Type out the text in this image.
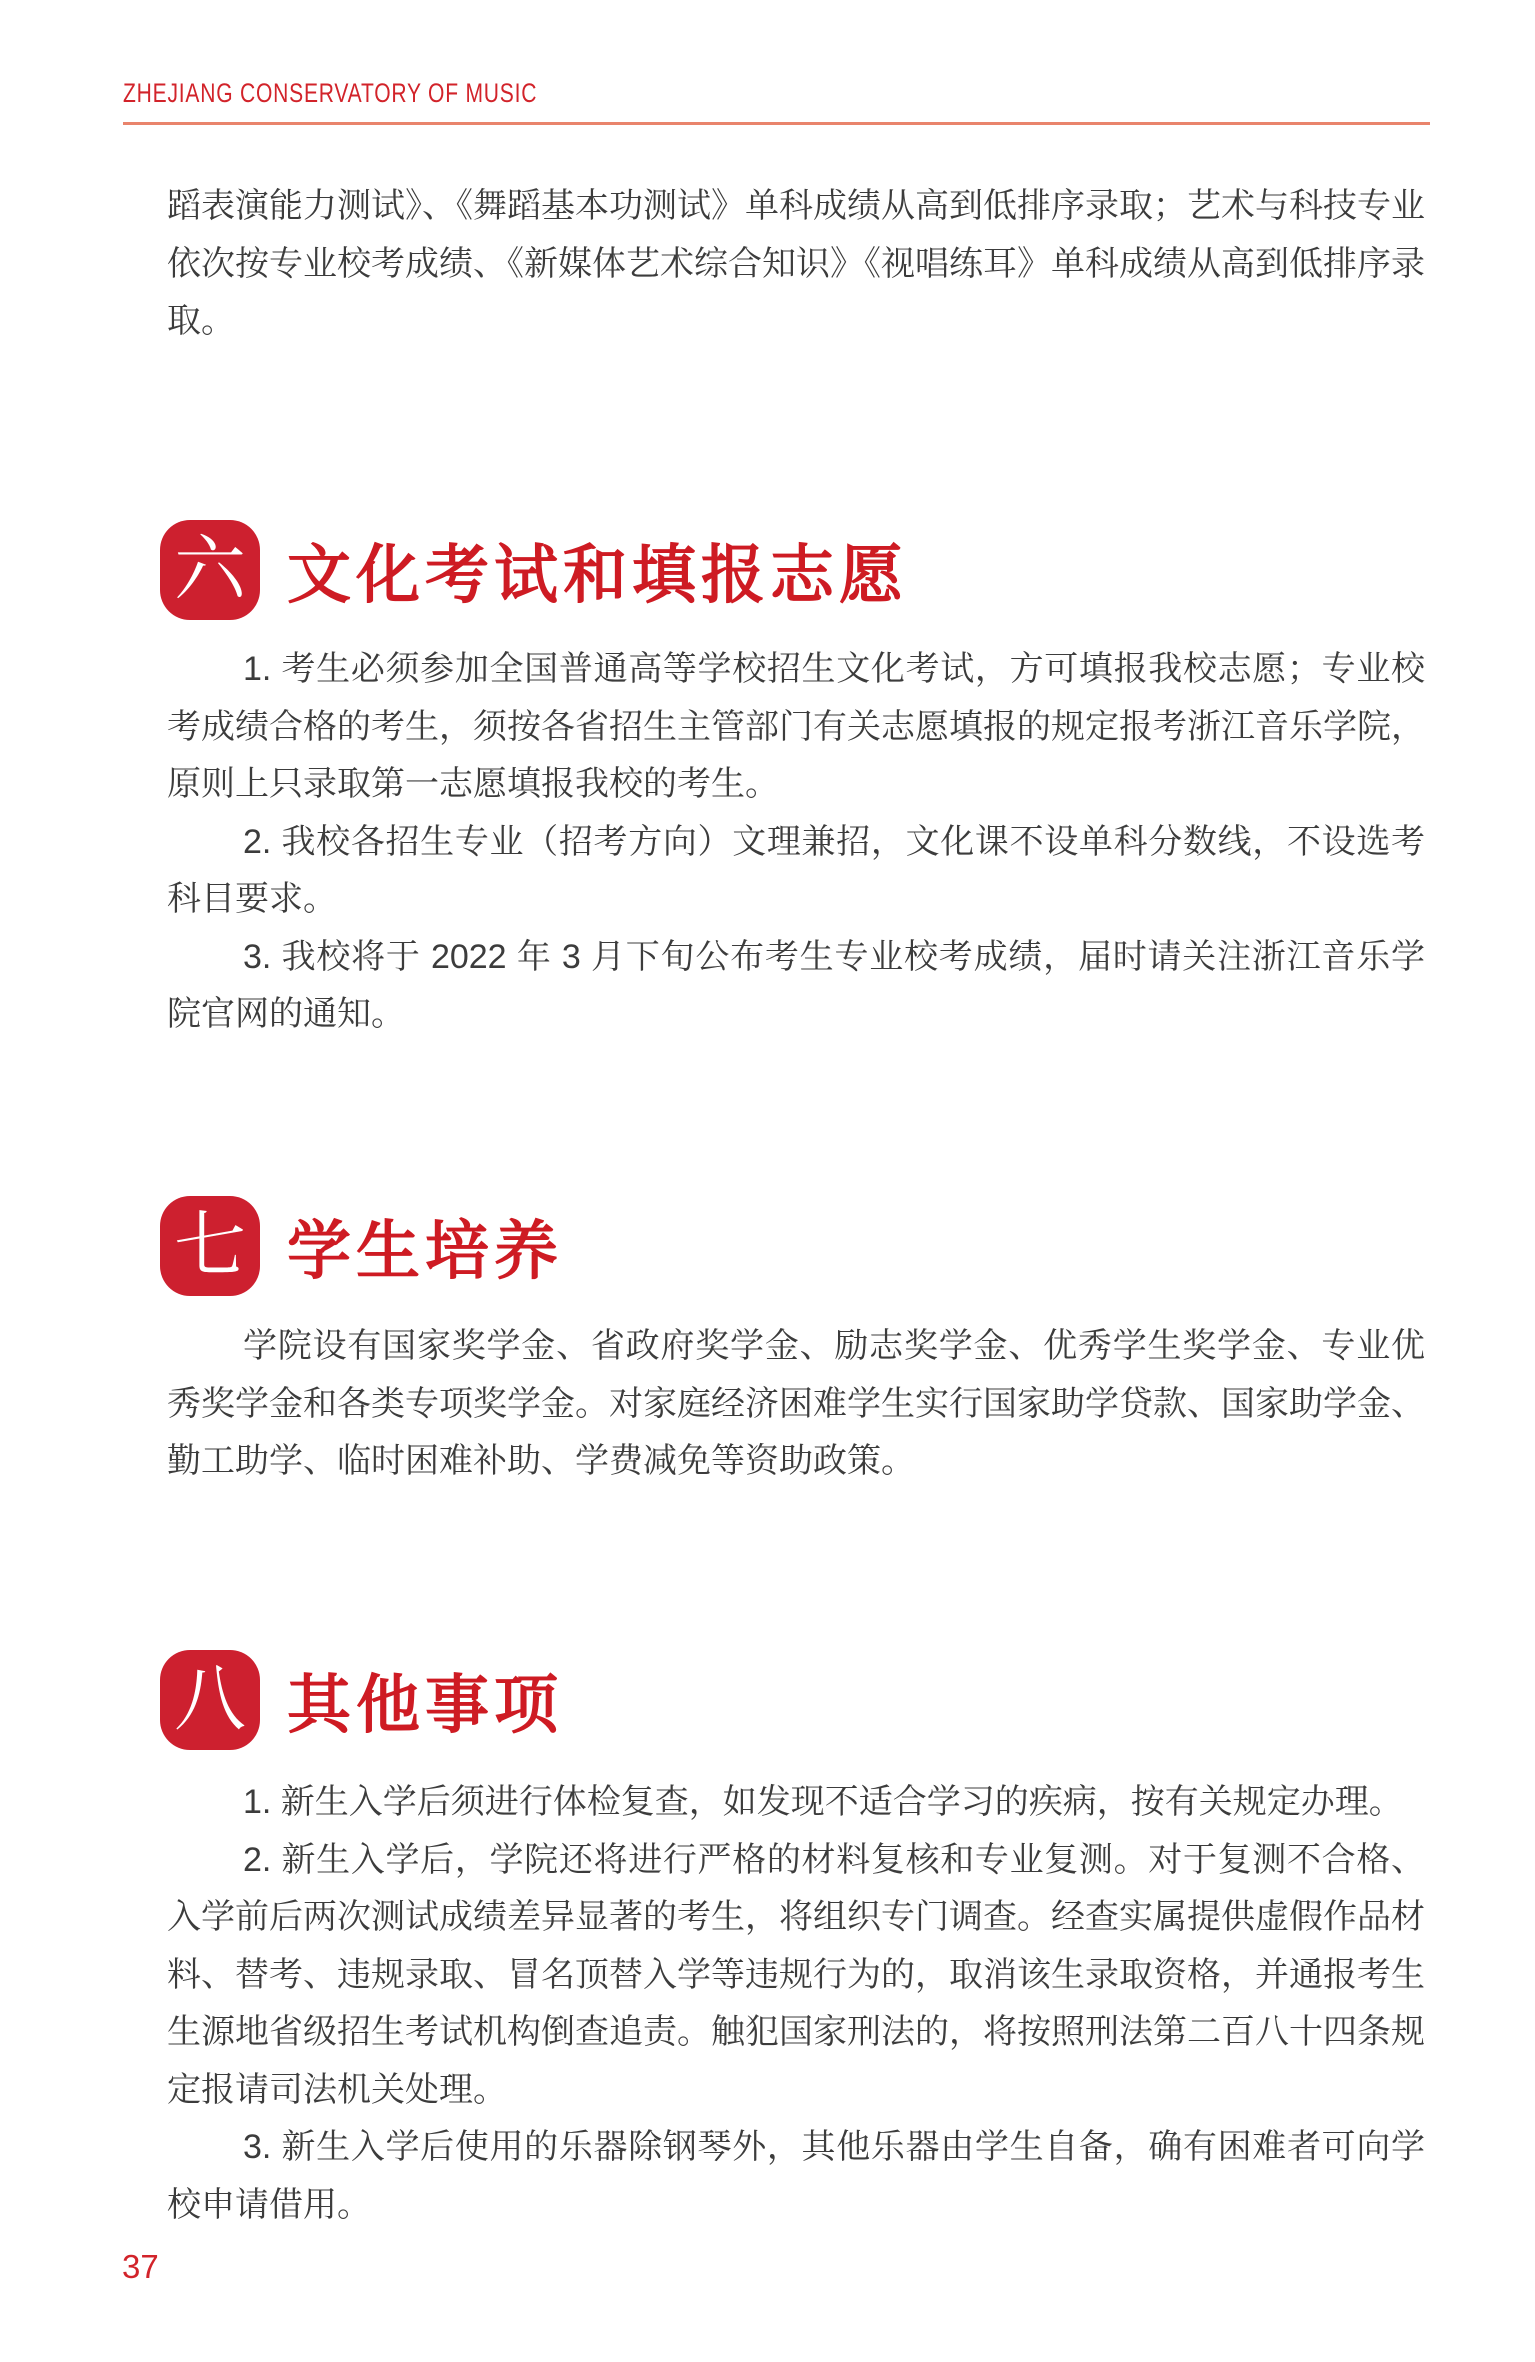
ZHEJIANG CONSERVATORY OF MUSIC

蹈表演能力测试》、《舞蹈基本功测试》单科成绩从高到低排序录取；艺术与科技专业依次按专业校考成绩、《新媒体艺术综合知识》《视唱练耳》单科成绩从高到低排序录取。

六 文化考试和填报志愿

1. 考生必须参加全国普通高等学校招生文化考试，方可填报我校志愿；专业校考成绩合格的考生，须按各省招生主管部门有关志愿填报的规定报考浙江音乐学院，原则上只录取第一志愿填报我校的考生。

2. 我校各招生专业（招考方向）文理兼招，文化课不设单科分数线，不设选考科目要求。

3. 我校将于 2022 年 3 月下旬公布考生专业校考成绩，届时请关注浙江音乐学院官网的通知。

七 学生培养

学院设有国家奖学金、省政府奖学金、励志奖学金、优秀学生奖学金、专业优秀奖学金和各类专项奖学金。对家庭经济困难学生实行国家助学贷款、国家助学金、勤工助学、临时困难补助、学费减免等资助政策。

八 其他事项

1. 新生入学后须进行体检复查，如发现不适合学习的疾病，按有关规定办理。

2. 新生入学后，学院还将进行严格的材料复核和专业复测。对于复测不合格、入学前后两次测试成绩差异显著的考生，将组织专门调查。经查实属提供虚假作品材料、替考、违规录取、冒名顶替入学等违规行为的，取消该生录取资格，并通报考生生源地省级招生考试机构倒查追责。触犯国家刑法的，将按照刑法第二百八十四条规定报请司法机关处理。

3. 新生入学后使用的乐器除钢琴外，其他乐器由学生自备，确有困难者可向学校申请借用。

37
